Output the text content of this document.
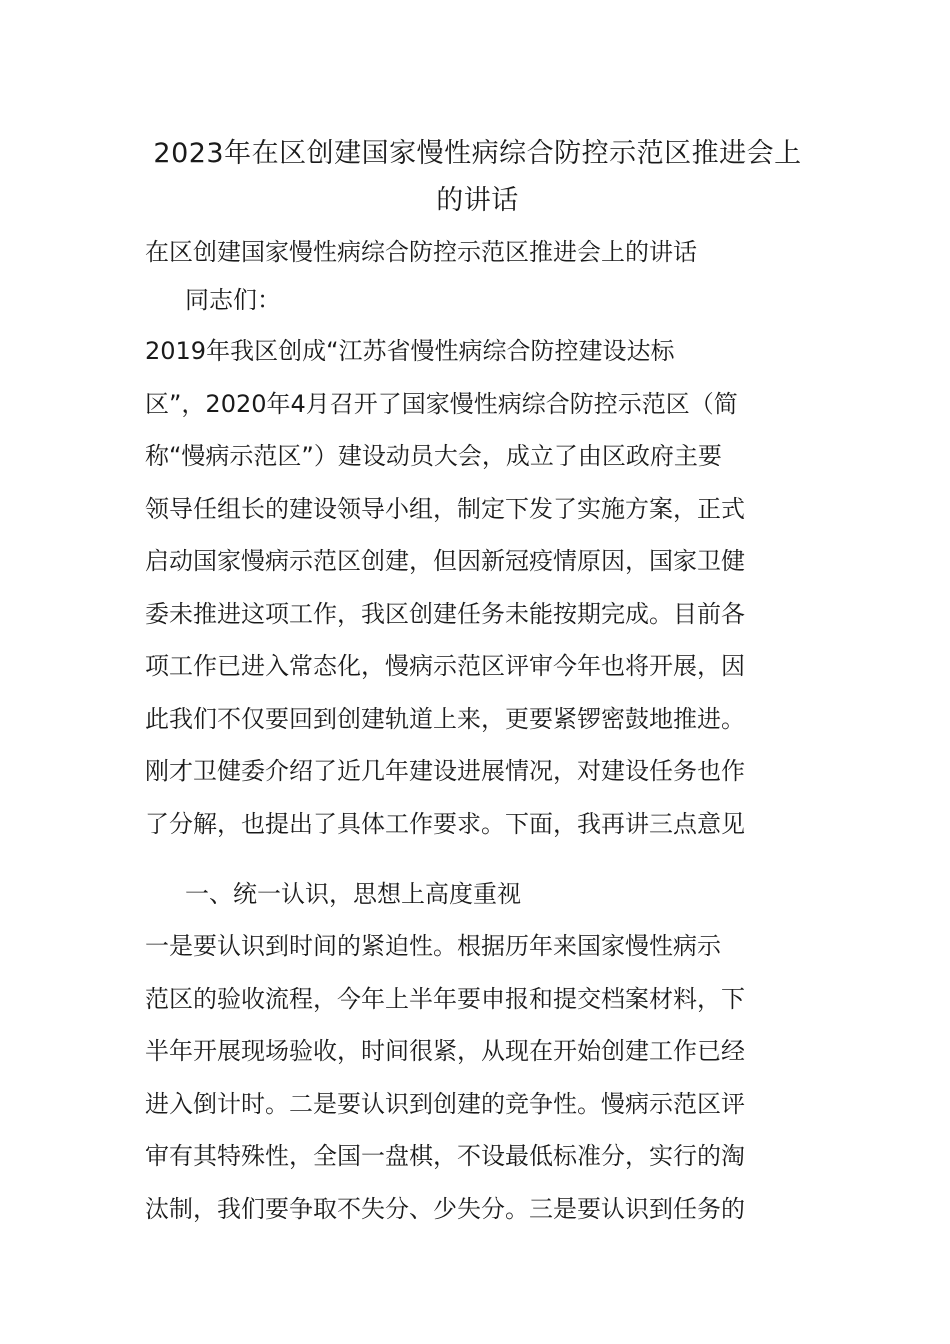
2023年在区创建国家慢性病综合防控示范区推进会上的讲话
在区创建国家慢性病综合防控示范区推进会上的讲话

同志们：

2019年我区创成“江苏省慢性病综合防控建设达标
区”，2020年4月召开了国家慢性病综合防控示范区（简
称“慢病示范区”）建设动员大会，成立了由区政府主要
领导任组长的建设领导小组，制定下发了实施方案，正式
启动国家慢病示范区创建，但因新冠疫情原因，国家卫健
委未推进这项工作，我区创建任务未能按期完成。目前各
项工作已进入常态化，慢病示范区评审今年也将开展，因
此我们不仅要回到创建轨道上来，更要紧锣密鼓地推进。
刚才卫健委介绍了近几年建设进展情况，对建设任务也作
了分解，也提出了具体工作要求。下面，我再讲三点意见
一、统一认识，思想上高度重视
一是要认识到时间的紧迫性。根据历年来国家慢性病示
范区的验收流程，今年上半年要申报和提交档案材料，下
半年开展现场验收，时间很紧，从现在开始创建工作已经
进入倒计时。二是要认识到创建的竞争性。慢病示范区评
审有其特殊性，全国一盘棋，不设最低标准分，实行的淘
汰制，我们要争取不失分、少失分。三是要认识到任务的
